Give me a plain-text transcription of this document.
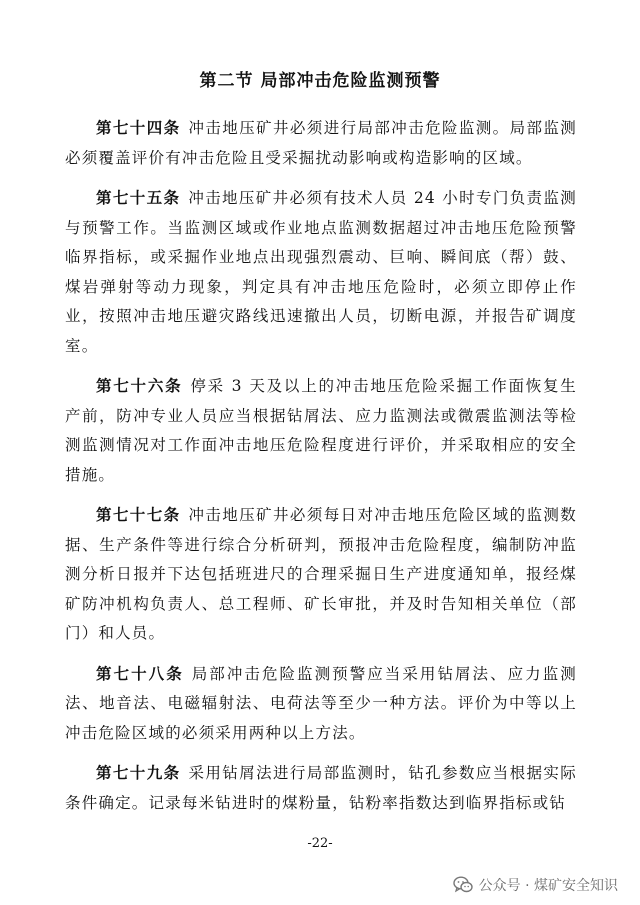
第二节 局部冲击危险监测预警

第七十四条 冲击地压矿井必须进行局部冲击危险监测。局部监测必须覆盖评价有冲击危险且受采掘扰动影响或构造影响的区域。

第七十五条 冲击地压矿井必须有技术人员 24 小时专门负责监测与预警工作。当监测区域或作业地点监测数据超过冲击地压危险预警临界指标，或采掘作业地点出现强烈震动、巨响、瞬间底（帮）鼓、煤岩弹射等动力现象，判定具有冲击地压危险时，必须立即停止作业，按照冲击地压避灾路线迅速撤出人员，切断电源，并报告矿调度室。

第七十六条 停采 3 天及以上的冲击地压危险采掘工作面恢复生产前，防冲专业人员应当根据钻屑法、应力监测法或微震监测法等检测监测情况对工作面冲击地压危险程度进行评价，并采取相应的安全措施。

第七十七条 冲击地压矿井必须每日对冲击地压危险区域的监测数据、生产条件等进行综合分析研判，预报冲击危险程度，编制防冲监测分析日报并下达包括班进尺的合理采掘日生产进度通知单，报经煤矿防冲机构负责人、总工程师、矿长审批，并及时告知相关单位（部门）和人员。

第七十八条 局部冲击危险监测预警应当采用钻屑法、应力监测法、地音法、电磁辐射法、电荷法等至少一种方法。评价为中等以上冲击危险区域的必须采用两种以上方法。

第七十九条 采用钻屑法进行局部监测时，钻孔参数应当根据实际条件确定。记录每米钻进时的煤粉量，钻粉率指数达到临界指标或钻

-22-
公众号 · 煤矿安全知识
